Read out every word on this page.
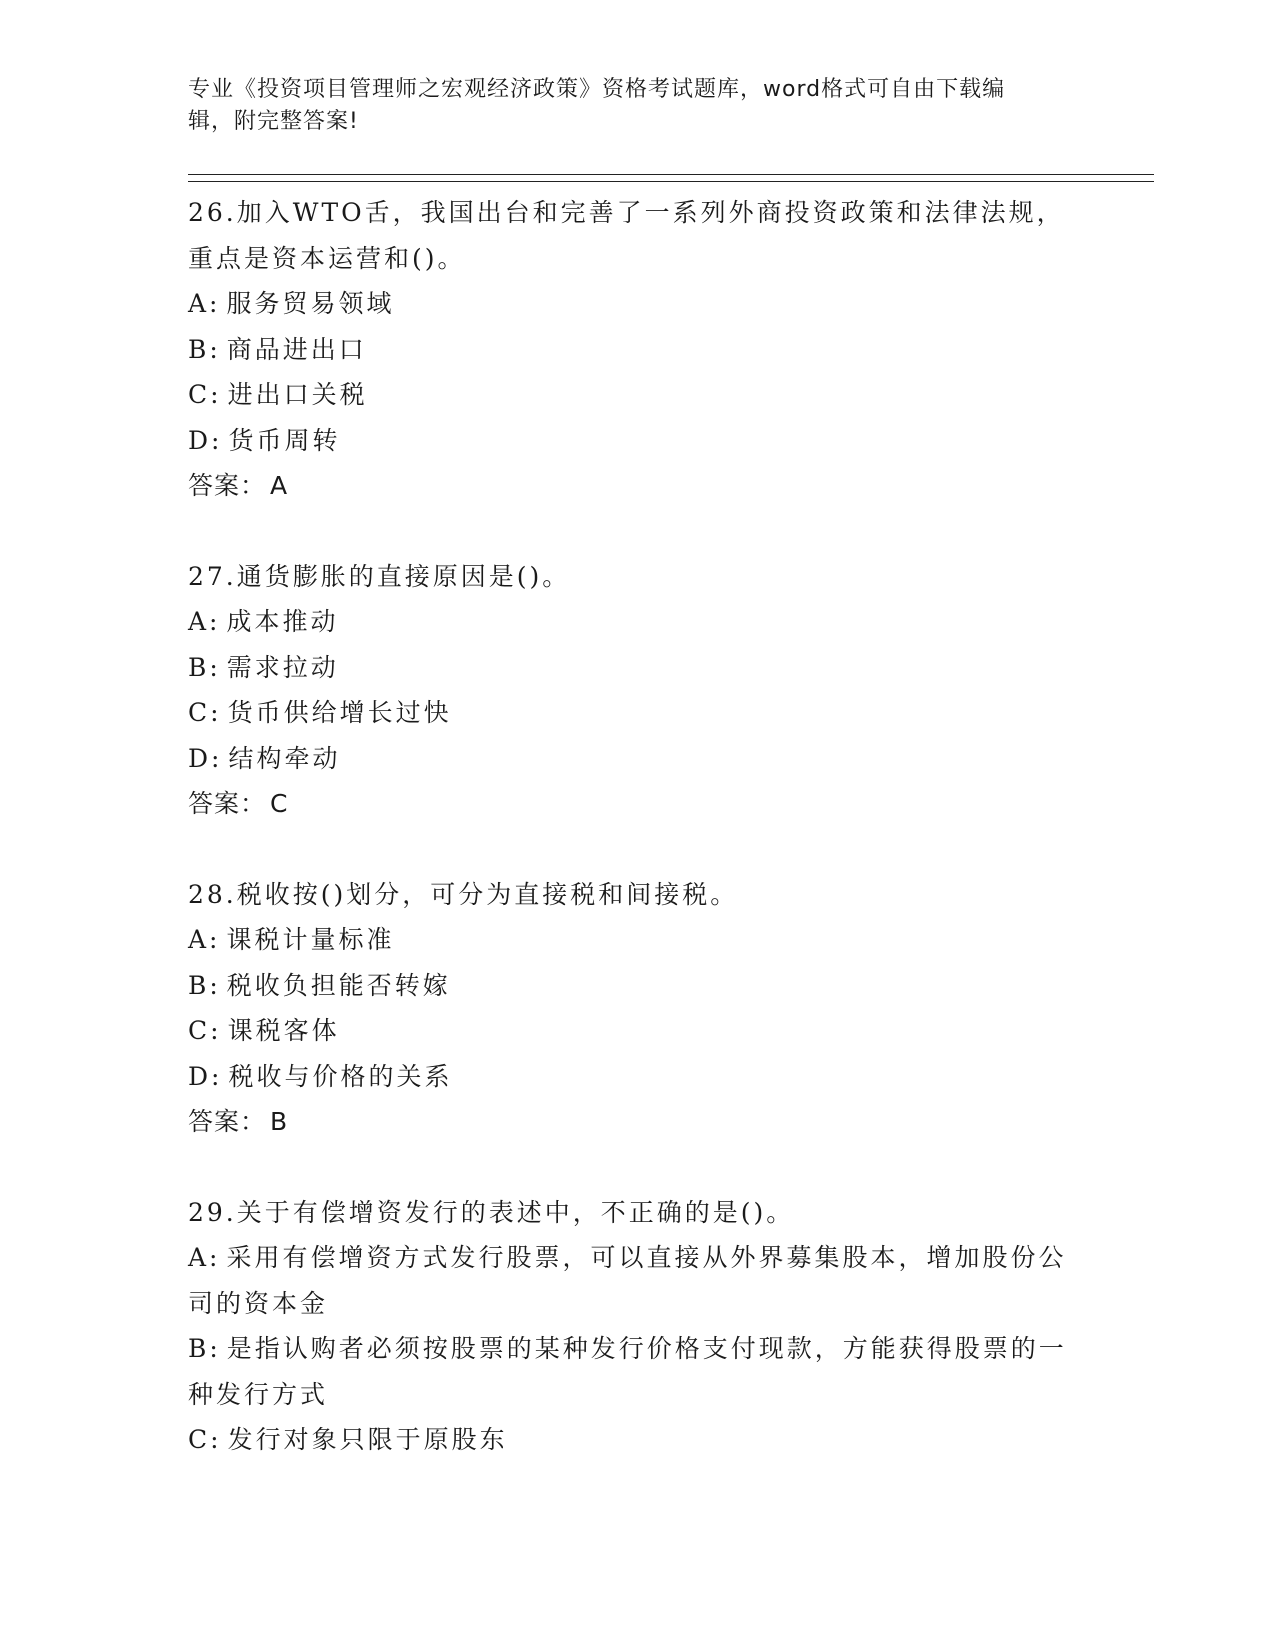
专业《投资项目管理师之宏观经济政策》资格考试题库，word格式可自由下载编
辑，附完整答案!
26.加入WTO舌，我国出台和完善了一系列外商投资政策和法律法规，重点是资本运营和()。
A: 服务贸易领域
B: 商品进出口
C: 进出口关税
D: 货币周转
答案： A
27.通货膨胀的直接原因是()。
A: 成本推动
B: 需求拉动
C: 货币供给增长过快
D: 结构牵动
答案： C
28.税收按()划分，可分为直接税和间接税。
A: 课税计量标准
B: 税收负担能否转嫁
C: 课税客体
D: 税收与价格的关系
答案： B
29.关于有偿增资发行的表述中，不正确的是()。
A: 采用有偿增资方式发行股票，可以直接从外界募集股本，增加股份公司的资本金
B: 是指认购者必须按股票的某种发行价格支付现款，方能获得股票的一种发行方式
C: 发行对象只限于原股东
